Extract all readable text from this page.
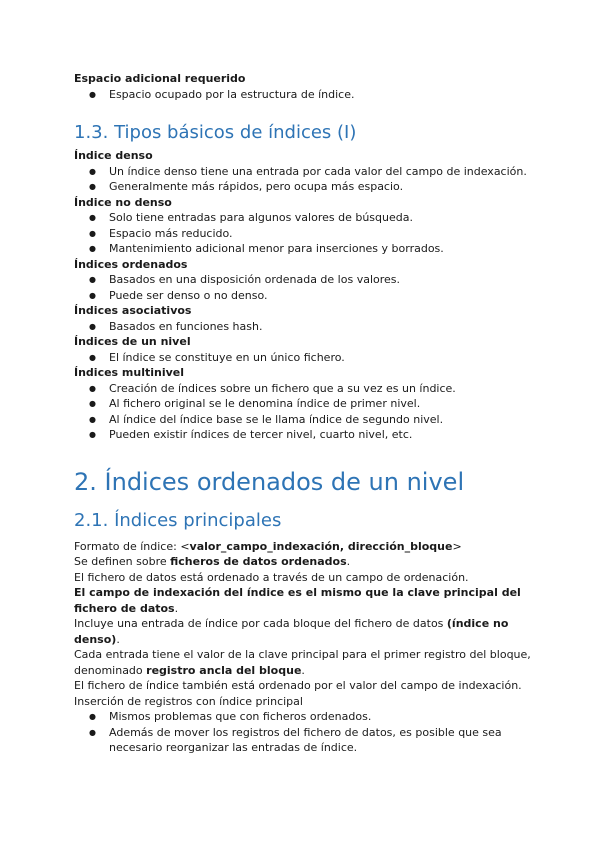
Espacio adicional requerido

● Espacio ocupado por la estructura de índice.
1.3. Tipos básicos de índices (I)

Índice denso

● Un índice denso tiene una entrada por cada valor del campo de indexación.
● Generalmente más rápidos, pero ocupa más espacio.

Índice no denso

● Solo tiene entradas para algunos valores de búsqueda.
● Espacio más reducido.
● Mantenimiento adicional menor para inserciones y borrados.

Índices ordenados

● Basados en una disposición ordenada de los valores.
● Puede ser denso o no denso.

Índices asociativos

● Basados en funciones hash.

Índices de un nivel

● El índice se constituye en un único fichero.

Índices multinivel

● Creación de índices sobre un fichero que a su vez es un índice.
● Al fichero original se le denomina índice de primer nivel.
● Al índice del índice base se le llama índice de segundo nivel.
● Pueden existir índices de tercer nivel, cuarto nivel, etc.
2. Índices ordenados de un nivel
2.1. Índices principales

Formato de índice: <valor_campo_indexación, dirección_bloque>

Se definen sobre ficheros de datos ordenados.

El fichero de datos está ordenado a través de un campo de ordenación.

El campo de indexación del índice es el mismo que la clave principal del fichero de datos.

Incluye una entrada de índice por cada bloque del fichero de datos (índice no denso).

Cada entrada tiene el valor de la clave principal para el primer registro del bloque, denominado registro ancla del bloque.

El fichero de índice también está ordenado por el valor del campo de indexación.

Inserción de registros con índice principal

● Mismos problemas que con ficheros ordenados.
● Además de mover los registros del fichero de datos, es posible que sea necesario reorganizar las entradas de índice.
